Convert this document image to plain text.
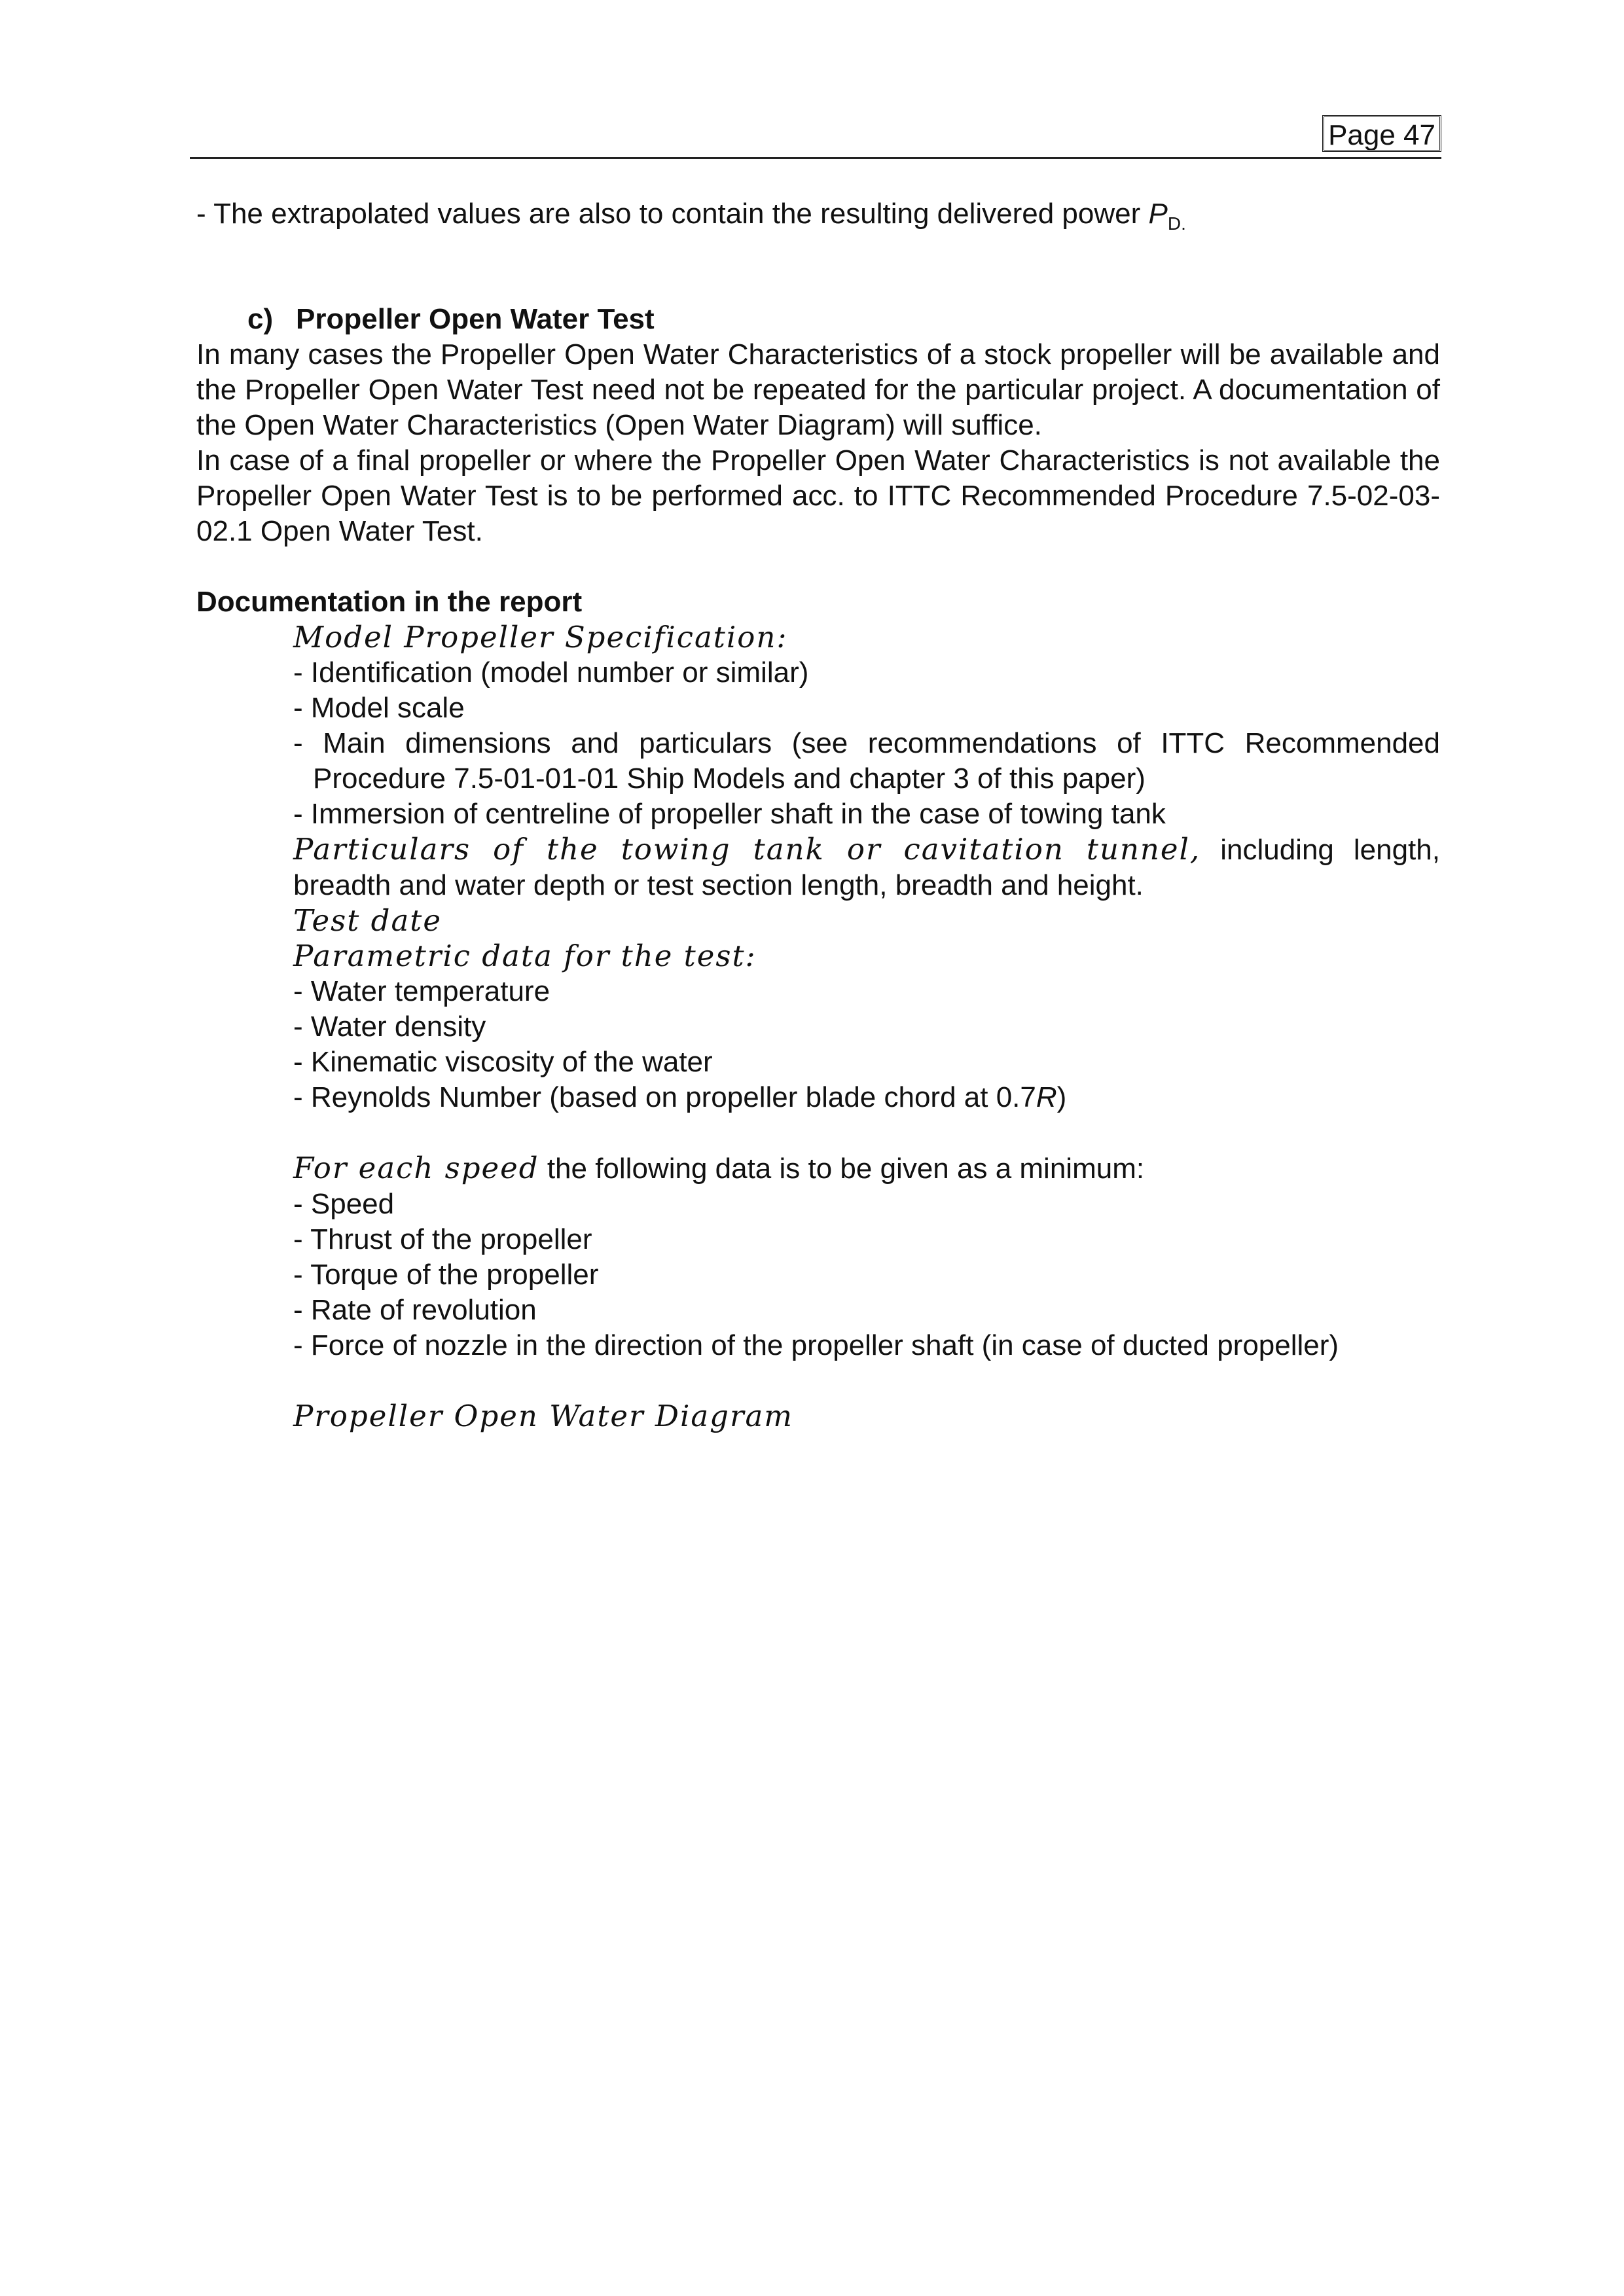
Page 47

- The extrapolated values are also to contain the resulting delivered power $P_{D.}$

c) Propeller Open Water Test

In many cases the Propeller Open Water Characteristics of a stock propeller will be available and the Propeller Open Water Test need not be repeated for the particular project. A documentation of the Open Water Characteristics (Open Water Diagram) will suffice.

In case of a final propeller or where the Propeller Open Water Characteristics is not available the Propeller Open Water Test is to be performed acc. to ITTC Recommended Procedure 7.5-02-03-02.1 Open Water Test.

Documentation in the report

Model Propeller Specification:

- Identification (model number or similar)

- Model scale

- Main dimensions and particulars (see recommendations of ITTC Recommended Procedure 7.5-01-01-01 Ship Models and chapter 3 of this paper)

- Immersion of centreline of propeller shaft in the case of towing tank

Particulars of the towing tank or cavitation tunnel, including length, breadth and water depth or test section length, breadth and height.

Test date

Parametric data for the test:

- Water temperature

- Water density

- Kinematic viscosity of the water

- Reynolds Number (based on propeller blade chord at 0.7R)

For each speed the following data is to be given as a minimum:

- Speed

- Thrust of the propeller

- Torque of the propeller

- Rate of revolution

- Force of nozzle in the direction of the propeller shaft (in case of ducted propeller)

Propeller Open Water Diagram
